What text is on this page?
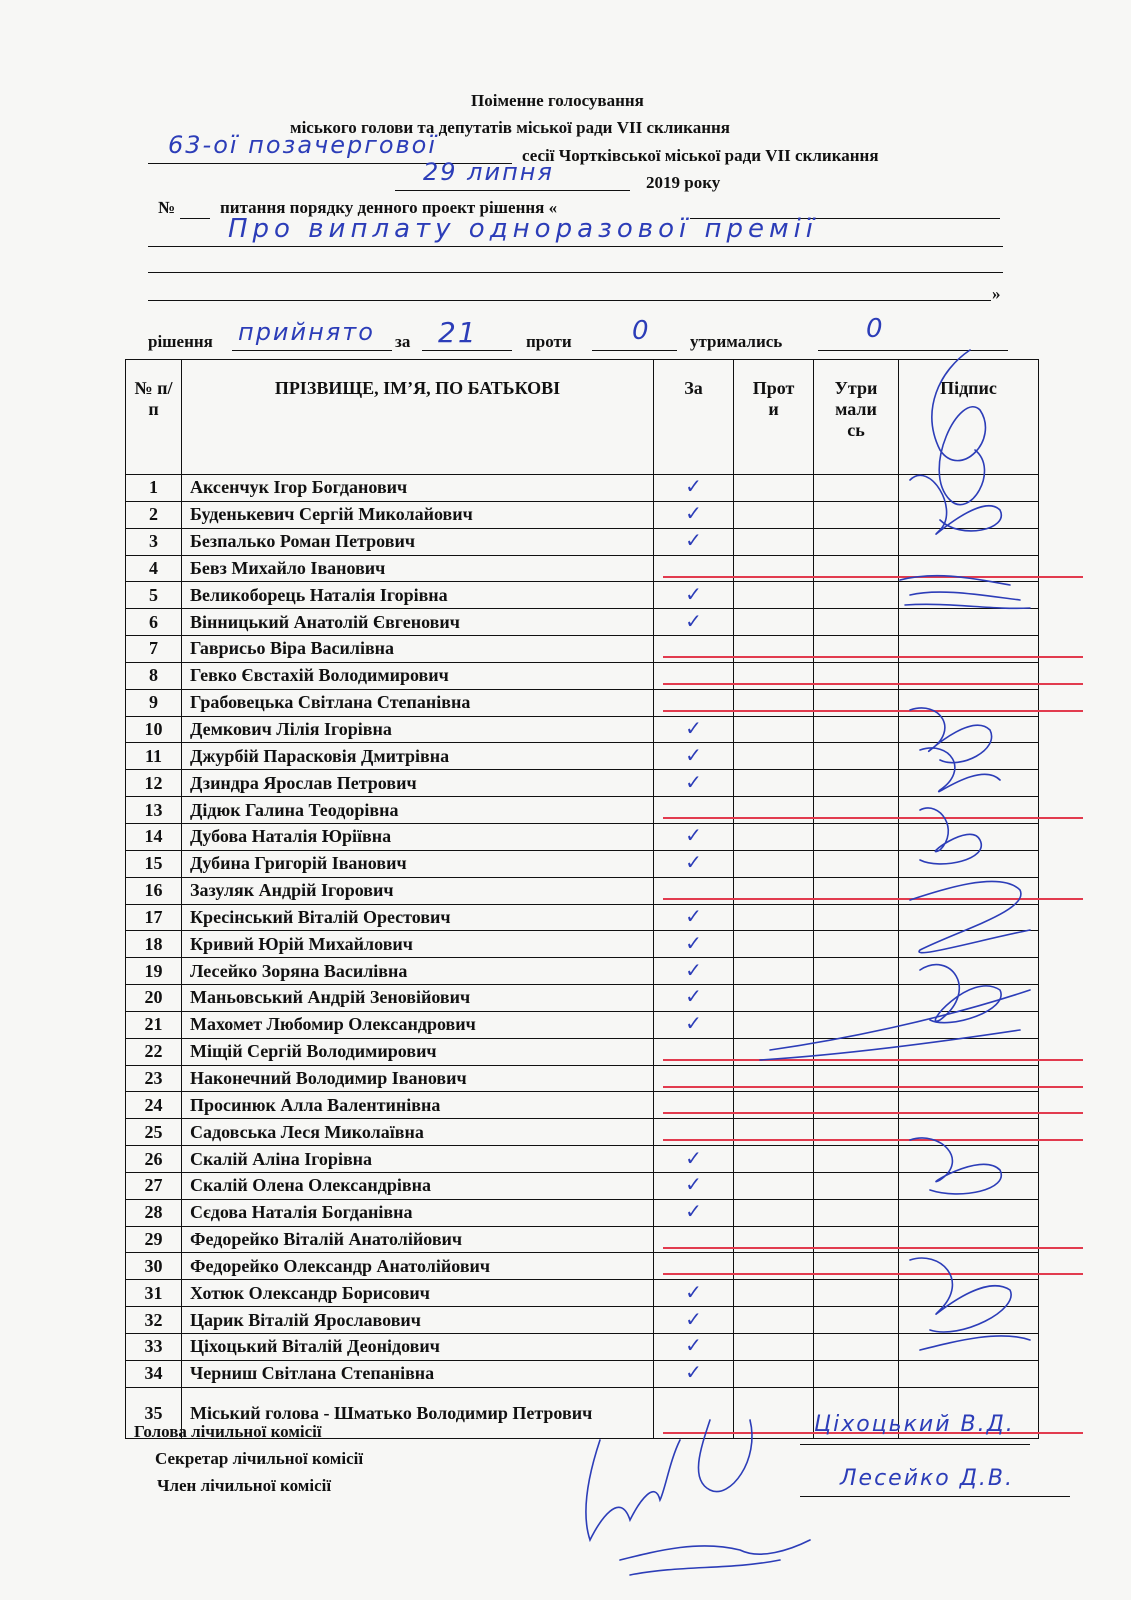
Поіменне голосування
міського голови та депутатів міської ради VII скликання
63-ої позачергової	сесії Чортківської міської ради VII скликання
29 липня	2019 року
№	питання порядку денного проект рішення «
Про виплату одноразової премії
»
рішення прийнято за 21	проти 0 утримались	0
№ п/п	ПРІЗВИЩЕ, ІМ’Я, ПО БАТЬКОВІ	За	Проти	Утримались	Підпис
1	Аксенчук Ігор Богданович	✓			
2	Буденькевич Сергій Миколайович	✓			
3	Безпалько Роман Петрович	✓			
4	Бевз Михайло Іванович				
5	Великоборець Наталія Ігорівна	✓			
6	Вінницький Анатолій Євгенович	✓			
7	Гаврисьо Віра Василівна				
8	Гевко Євстахій Володимирович				
9	Грабовецька Світлана Степанівна				
10	Демкович Лілія Ігорівна	✓			
11	Джурбій Парасковія Дмитрівна	✓			
12	Дзиндра Ярослав Петрович	✓			
13	Дідюк Галина Теодорівна				
14	Дубова Наталія Юріївна	✓			
15	Дубина Григорій Іванович	✓			
16	Зазуляк Андрій Ігорович				
17	Кресінський Віталій Орестович	✓			
18	Кривий Юрій Михайлович	✓			
19	Лесейко Зоряна Василівна	✓			
20	Маньовський Андрій Зеновійович	✓			
21	Махомет Любомир Олександрович	✓			
22	Міщій Сергій Володимирович				
23	Наконечний Володимир Іванович				
24	Просинюк Алла Валентинівна				
25	Садовська Леся Миколаївна				
26	Скалій Аліна Ігорівна	✓			
27	Скалій Олена Олександрівна	✓			
28	Сєдова Наталія Богданівна	✓			
29	Федорейко Віталій Анатолійович				
30	Федорейко Олександр Анатолійович				
31	Хотюк Олександр Борисович	✓			
32	Царик Віталій Ярославович	✓			
33	Ціхоцький Віталій Деонідович	✓			
34	Черниш Світлана Степанівна	✓			
35	Міський голова - Шматько Володимир Петрович				
Голова лічильної комісії
Секретар лічильної комісії
Член лічильної комісії
Ціхоцький В.Д.
Лесейко Д.В.
